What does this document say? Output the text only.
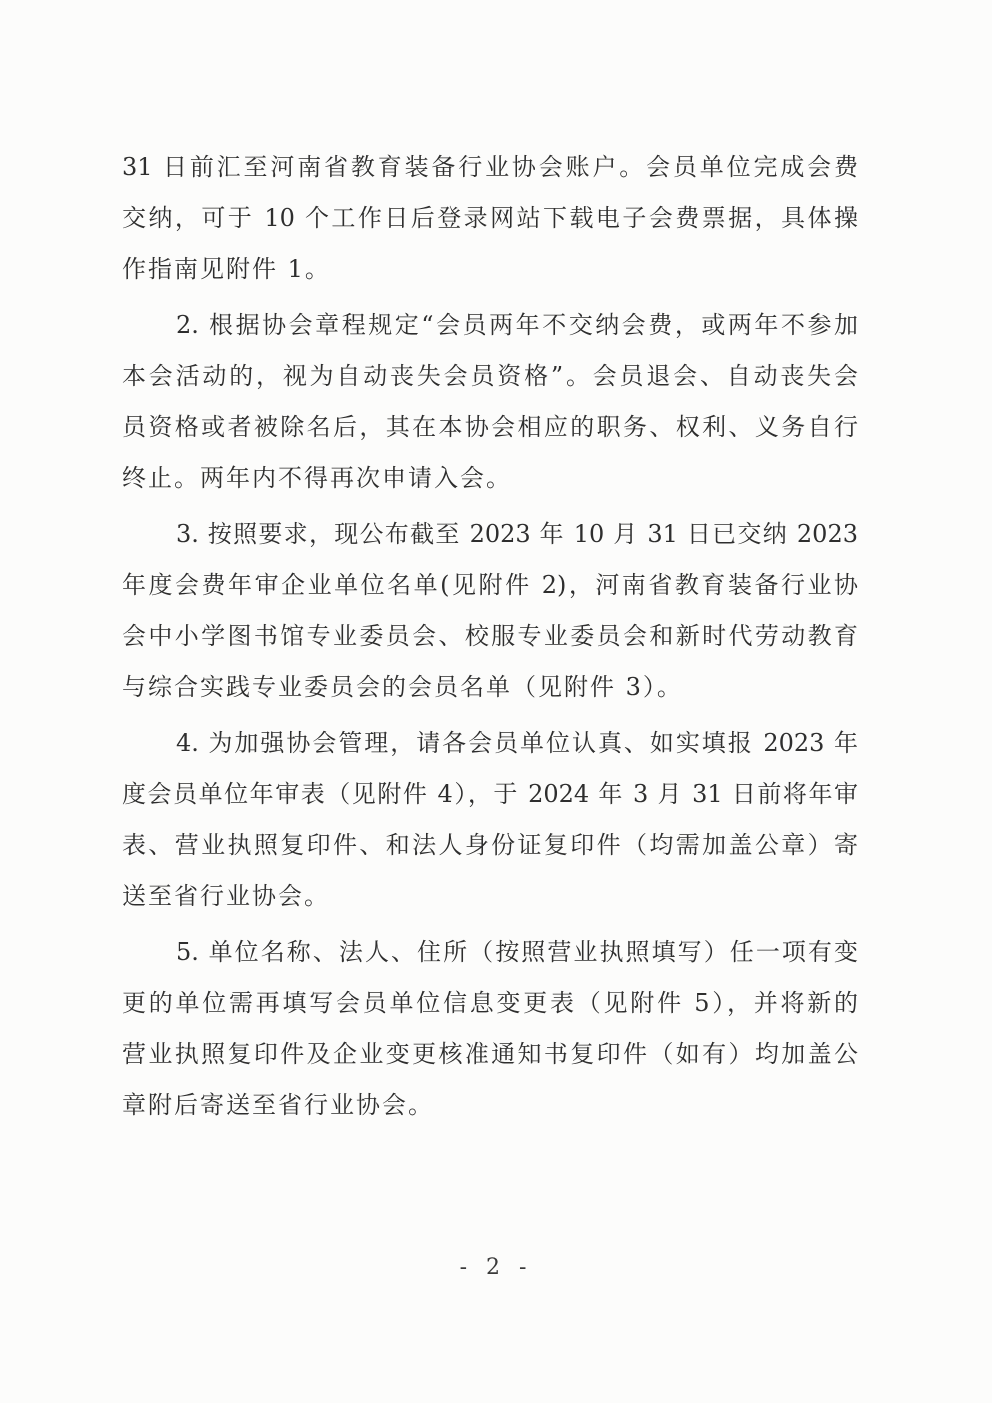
31 日前汇至河南省教育装备行业协会账户。会员单位完成会费
交纳，可于 10 个工作日后登录网站下载电子会费票据，具体操
作指南见附件 1。
2. 根据协会章程规定“会员两年不交纳会费，或两年不参加
本会活动的，视为自动丧失会员资格”。会员退会、自动丧失会
员资格或者被除名后，其在本协会相应的职务、权利、义务自行
终止。两年内不得再次申请入会。
3. 按照要求，现公布截至 2023 年 10 月 31 日已交纳 2023
年度会费年审企业单位名单(见附件 2)，河南省教育装备行业协
会中小学图书馆专业委员会、校服专业委员会和新时代劳动教育
与综合实践专业委员会的会员名单（见附件 3）。
4. 为加强协会管理，请各会员单位认真、如实填报 2023 年
度会员单位年审表（见附件 4），于 2024 年 3 月 31 日前将年审
表、营业执照复印件、和法人身份证复印件（均需加盖公章）寄
送至省行业协会。
5. 单位名称、法人、住所（按照营业执照填写）任一项有变
更的单位需再填写会员单位信息变更表（见附件 5），并将新的
营业执照复印件及企业变更核准通知书复印件（如有）均加盖公
章附后寄送至省行业协会。
- 2 -
